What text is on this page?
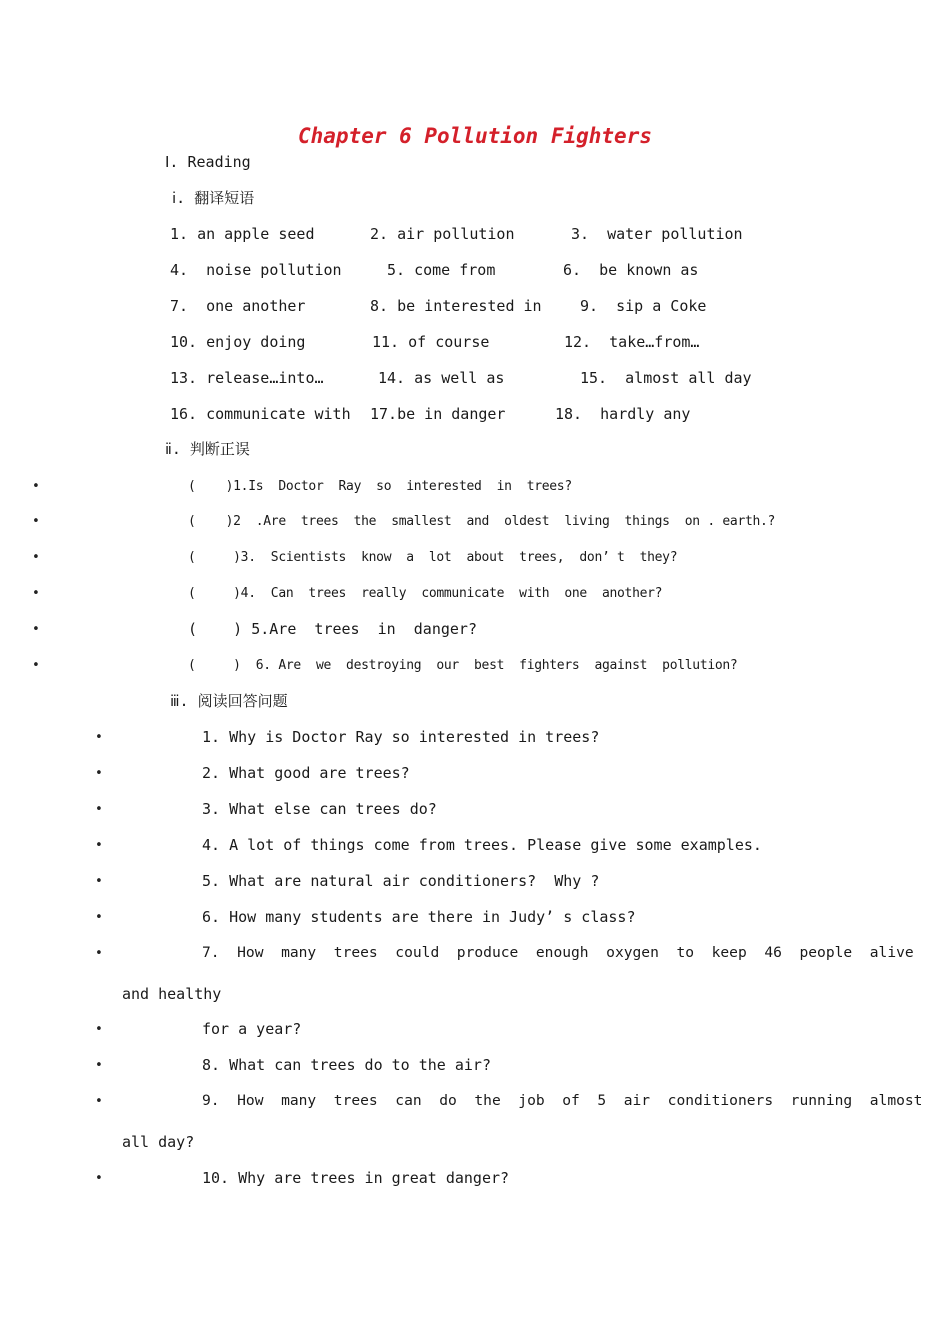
Chapter 6 Pollution Fighters
Ⅰ. Reading
ⅰ. 翻译短语
1. an apple seed	2. air pollution	3.  water pollution
4.  noise pollution	5. come from	6.  be known as
7.  one another	8. be interested in	9.  sip a Coke
10. enjoy doing	11. of course	12.  take…from…
13. release…into…	14. as well as	15.  almost all day
16. communicate with 17.be in danger	18.  hardly any
ⅱ. 判断正误
•	(    )1.Is  Doctor  Ray  so  interested  in  trees?
•	(    )2  .Are  trees  the  smallest  and  oldest  living  things  on . earth.?
•	(     )3.  Scientists  know  a  lot  about  trees,  don’ t  they?
•	(     )4.  Can  trees  really  communicate  with  one  another?
•	(    ) 5.Are  trees  in  danger?
•	(     )  6. Are  we  destroying  our  best  fighters  against  pollution?
ⅲ. 阅读回答问题
•	1. Why is Doctor Ray so interested in trees?
•	2. What good are trees?
•	3. What else can trees do?
•	4. A lot of things come from trees. Please give some examples.
•	5. What are natural air conditioners?  Why ?
•	6. How many students are there in Judy’ s class?
•	7.  How  many  trees  could  produce  enough  oxygen  to  keep  46  people  alive
and healthy
•	for a year?
•	8. What can trees do to the air?
•	9.  How  many  trees  can  do  the  job  of  5  air  conditioners  running  almost
all day?
•	10. Why are trees in great danger?
